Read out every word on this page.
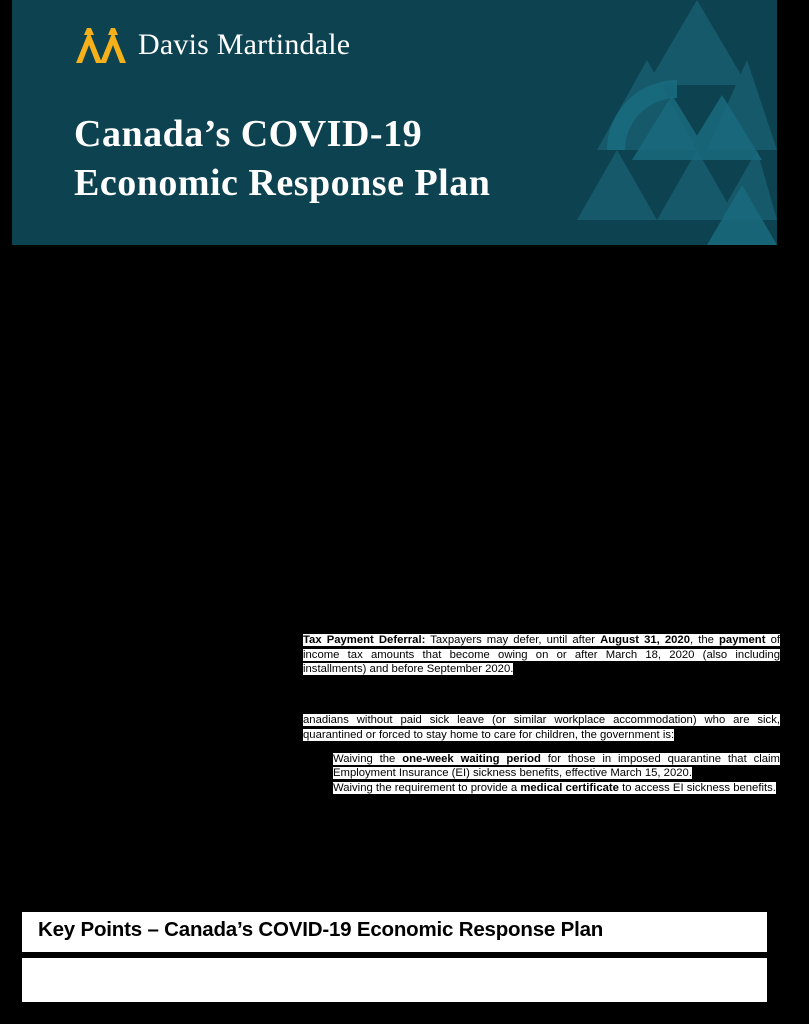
Davis Martindale
Canada’s COVID-19
Economic Response Plan

Tax Payment Deferral: Taxpayers may defer, until after August 31, 2020, the payment of income tax amounts that become owing on or after March 18, 2020 (also including installments) and before September 2020.

No interest or penalties will accumulate on these amounts during this period.

anadians without paid sick leave (or similar workplace accommodation) who are sick, quarantined or forced to stay home to care for children, the government is:

Waiving the one-week waiting period for those in imposed quarantine that claim Employment Insurance (EI) sickness benefits, effective March 15, 2020.
Waiving the requirement to provide a medical certificate to access EI sickness benefits.
Key Points – Canada’s COVID-19 Economic Response Plan
